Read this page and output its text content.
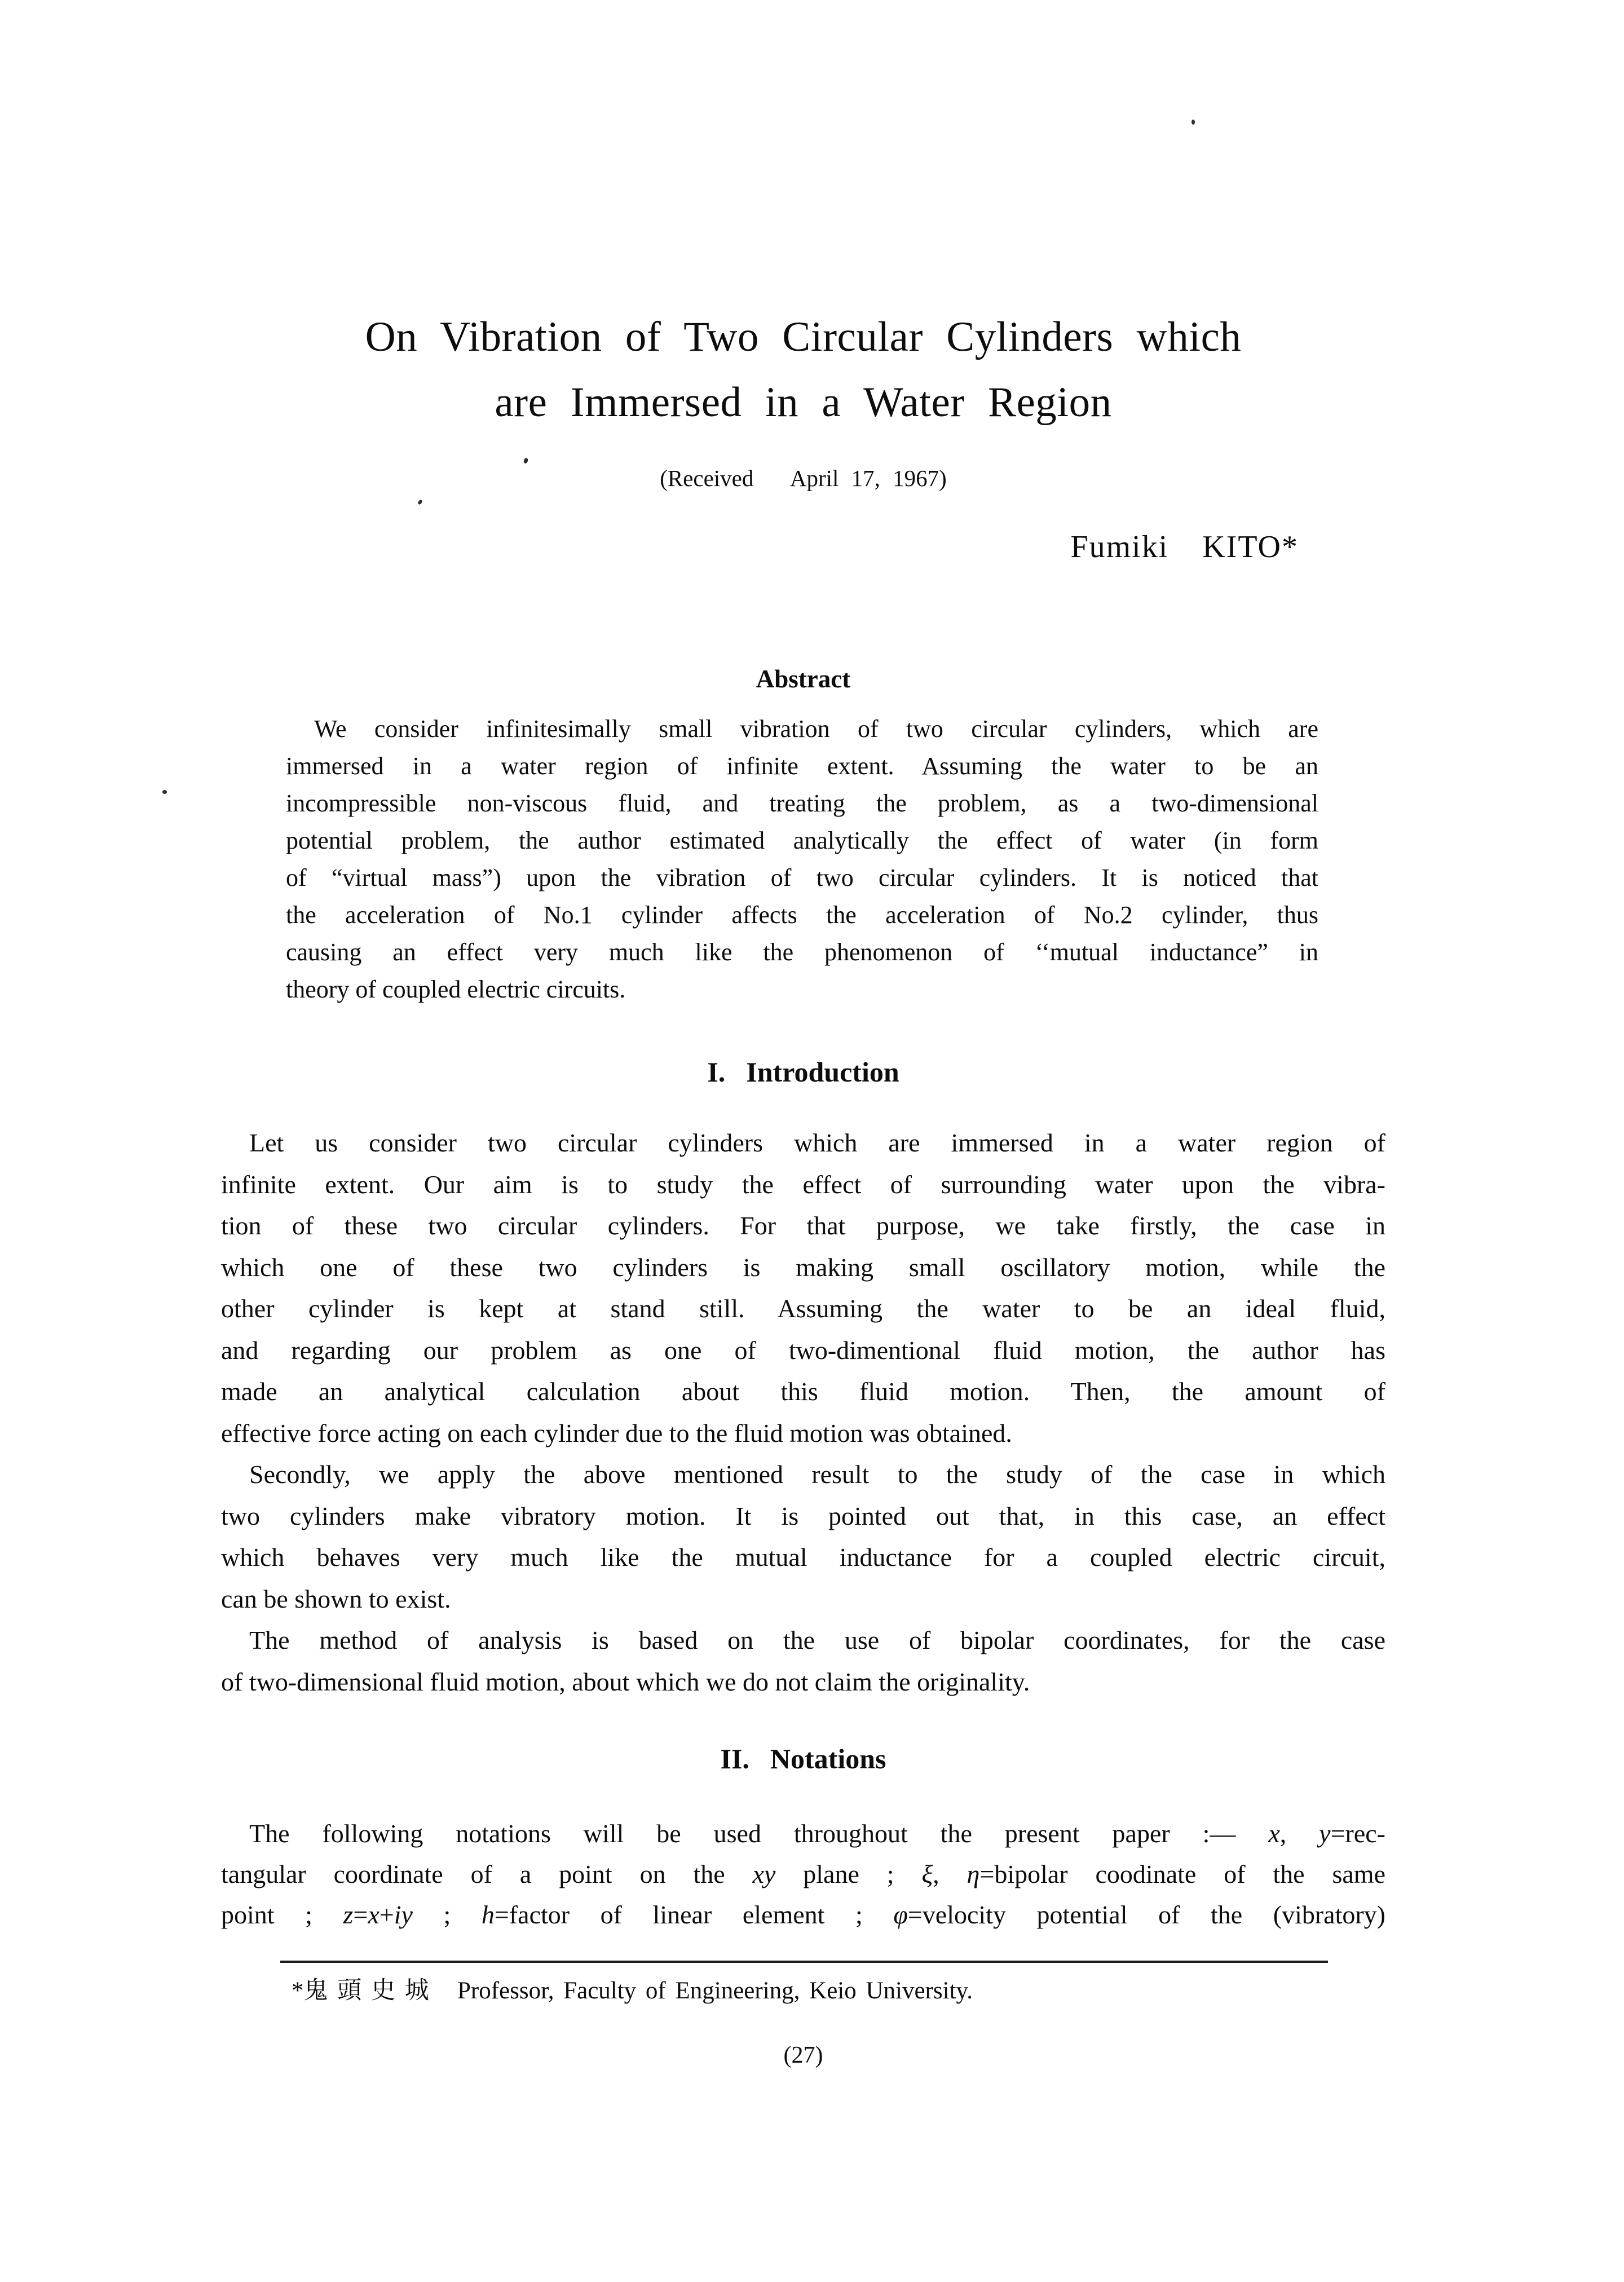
On Vibration of Two Circular Cylinders which
are Immersed in a Water Region
(Received   April 17, 1967)
Fumiki  KITO*
Abstract
We consider infinitesimally small vibration of two circular cylinders, which are
immersed in a water region of infinite extent. Assuming the water to be an
incompressible non-viscous fluid, and treating the problem, as a two-dimensional
potential problem, the author estimated analytically the effect of water (in form
of “virtual mass”) upon the vibration of two circular cylinders. It is noticed that
the acceleration of No.1 cylinder affects the acceleration of No.2 cylinder, thus
causing an effect very much like the phenomenon of ‘‘mutual inductance” in
theory of coupled electric circuits.
I.  Introduction
Let us consider two circular cylinders which are immersed in a water region of
infinite extent. Our aim is to study the effect of surrounding water upon the vibra-
tion of these two circular cylinders. For that purpose, we take firstly, the case in
which one of these two cylinders is making small oscillatory motion, while the
other cylinder is kept at stand still. Assuming the water to be an ideal fluid,
and regarding our problem as one of two-dimentional fluid motion, the author has
made an analytical calculation about this fluid motion. Then, the amount of
effective force acting on each cylinder due to the fluid motion was obtained.
Secondly, we apply the above mentioned result to the study of the case in which
two cylinders make vibratory motion. It is pointed out that, in this case, an effect
which behaves very much like the mutual inductance for a coupled electric circuit,
can be shown to exist.
The method of analysis is based on the use of bipolar coordinates, for the case
of two-dimensional fluid motion, about which we do not claim the originality.
II.  Notations
The following notations will be used throughout the present paper :— x, y=rec-
tangular coordinate of a point on the xy plane ; ξ, η=bipolar coodinate of the same
point ; z=x+iy ; h=factor of linear element ; φ=velocity potential of the (vibratory)
*鬼 頭 史 城   Professor, Faculty of Engineering, Keio University.
(27)
